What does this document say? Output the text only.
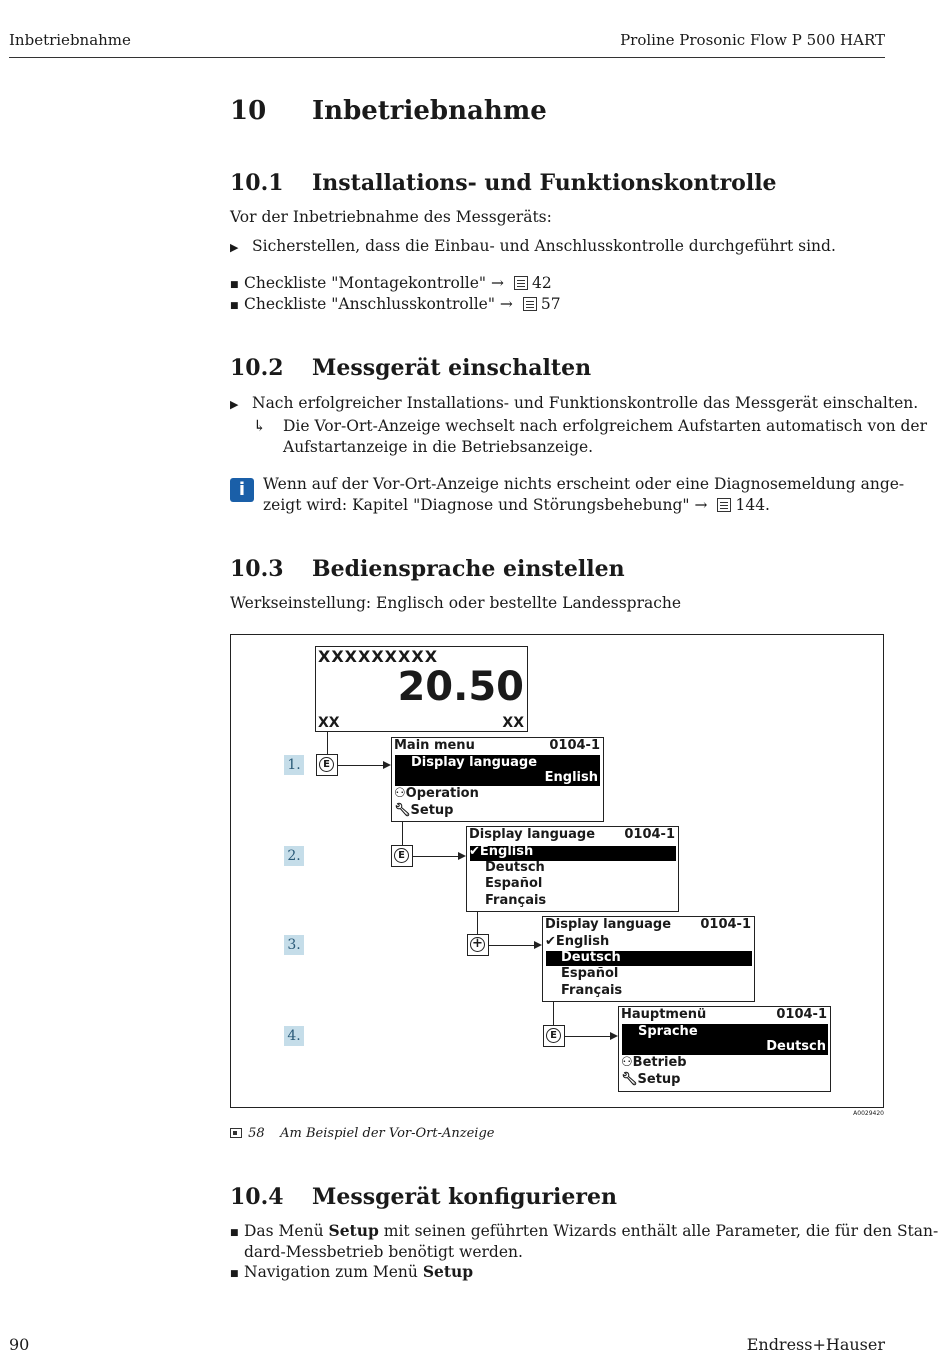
Inbetriebnahme	Proline Prosonic Flow P 500 HART
10 Inbetriebnahme
10.1 Installations- und Funktionskontrolle
Vor der Inbetriebnahme des Messgeräts:
▶ Sicherstellen, dass die Einbau- und Anschlusskontrolle durchgeführt sind.
■ Checkliste "Montagekontrolle" → 42
■ Checkliste "Anschlusskontrolle" → 57
10.2 Messgerät einschalten
▶ Nach erfolgreicher Installations- und Funktionskontrolle das Messgerät einschalten.
↳ Die Vor-Ort-Anzeige wechselt nach erfolgreichem Aufstarten automatisch von der
Aufstartanzeige in die Betriebsanzeige.
i	Wenn auf der Vor-Ort-Anzeige nichts erscheint oder eine Diagnosemeldung ange-
zeigt wird: Kapitel "Diagnose und Störungsbehebung" → 144.
10.3 Bediensprache einstellen
Werkseinstellung: Englisch oder bestellte Landessprache
XXXXXXXXX
20.50
XX	XX
1.
2.
3.
4.
E
E
+
E
Main menu	0104-1
Display language
English
⚇Operation
🔧︎Setup
Display language 0104-1
✔English
Deutsch
Español
Français
Display language 0104-1
✔English
Deutsch
Español
Français
Hauptmenü	0104-1
Sprache
Deutsch
⚇Betrieb
🔧︎Setup
A0029420
58 Am Beispiel der Vor-Ort-Anzeige
10.4 Messgerät konfigurieren
■ Das Menü Setup mit seinen geführten Wizards enthält alle Parameter, die für den Stan-
dard-Messbetrieb benötigt werden.
■ Navigation zum Menü Setup
90	Endress+Hauser
